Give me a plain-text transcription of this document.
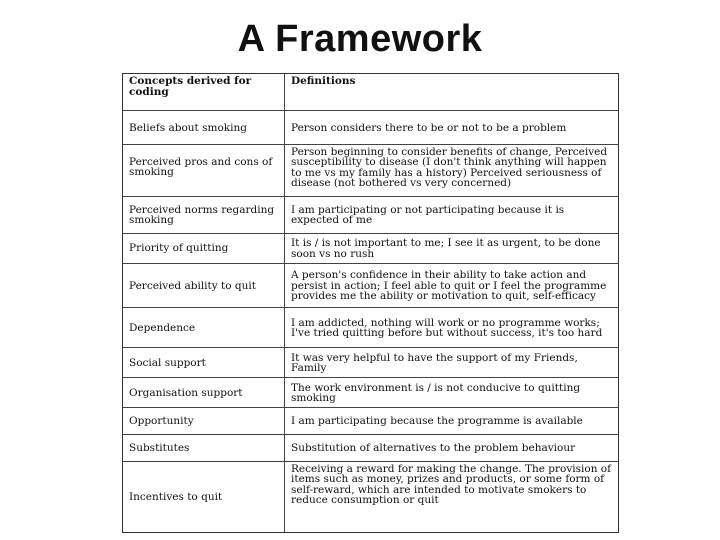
A Framework
Concepts derived for coding	Definitions
Beliefs about smoking	Person considers there to be or not to be a problem
Perceived pros and cons of smoking	Person beginning to consider benefits of change, Perceived susceptibility to disease (I don't think anything will happen to me vs my family has a history) Perceived seriousness of disease (not bothered vs very concerned)
Perceived norms regarding smoking	I am participating or not participating because it is expected of me
Priority of quitting	It is / is not important to me; I see it as urgent, to be done soon vs no rush
Perceived ability to quit	A person's confidence in their ability to take action and persist in action; I feel able to quit or I feel the programme provides me the ability or motivation to quit, self-efficacy
Dependence	I am addicted, nothing will work or no programme works; I've tried quitting before but without success, it's too hard
Social support	It was very helpful to have the support of my Friends, Family
Organisation support	The work environment is / is not conducive to quitting smoking
Opportunity	I am participating because the programme is available
Substitutes	Substitution of alternatives to the problem behaviour
Incentives to quit	Receiving a reward for making the change. The provision of items such as money, prizes and products, or some form of self-reward, which are intended to motivate smokers to reduce consumption or quit
